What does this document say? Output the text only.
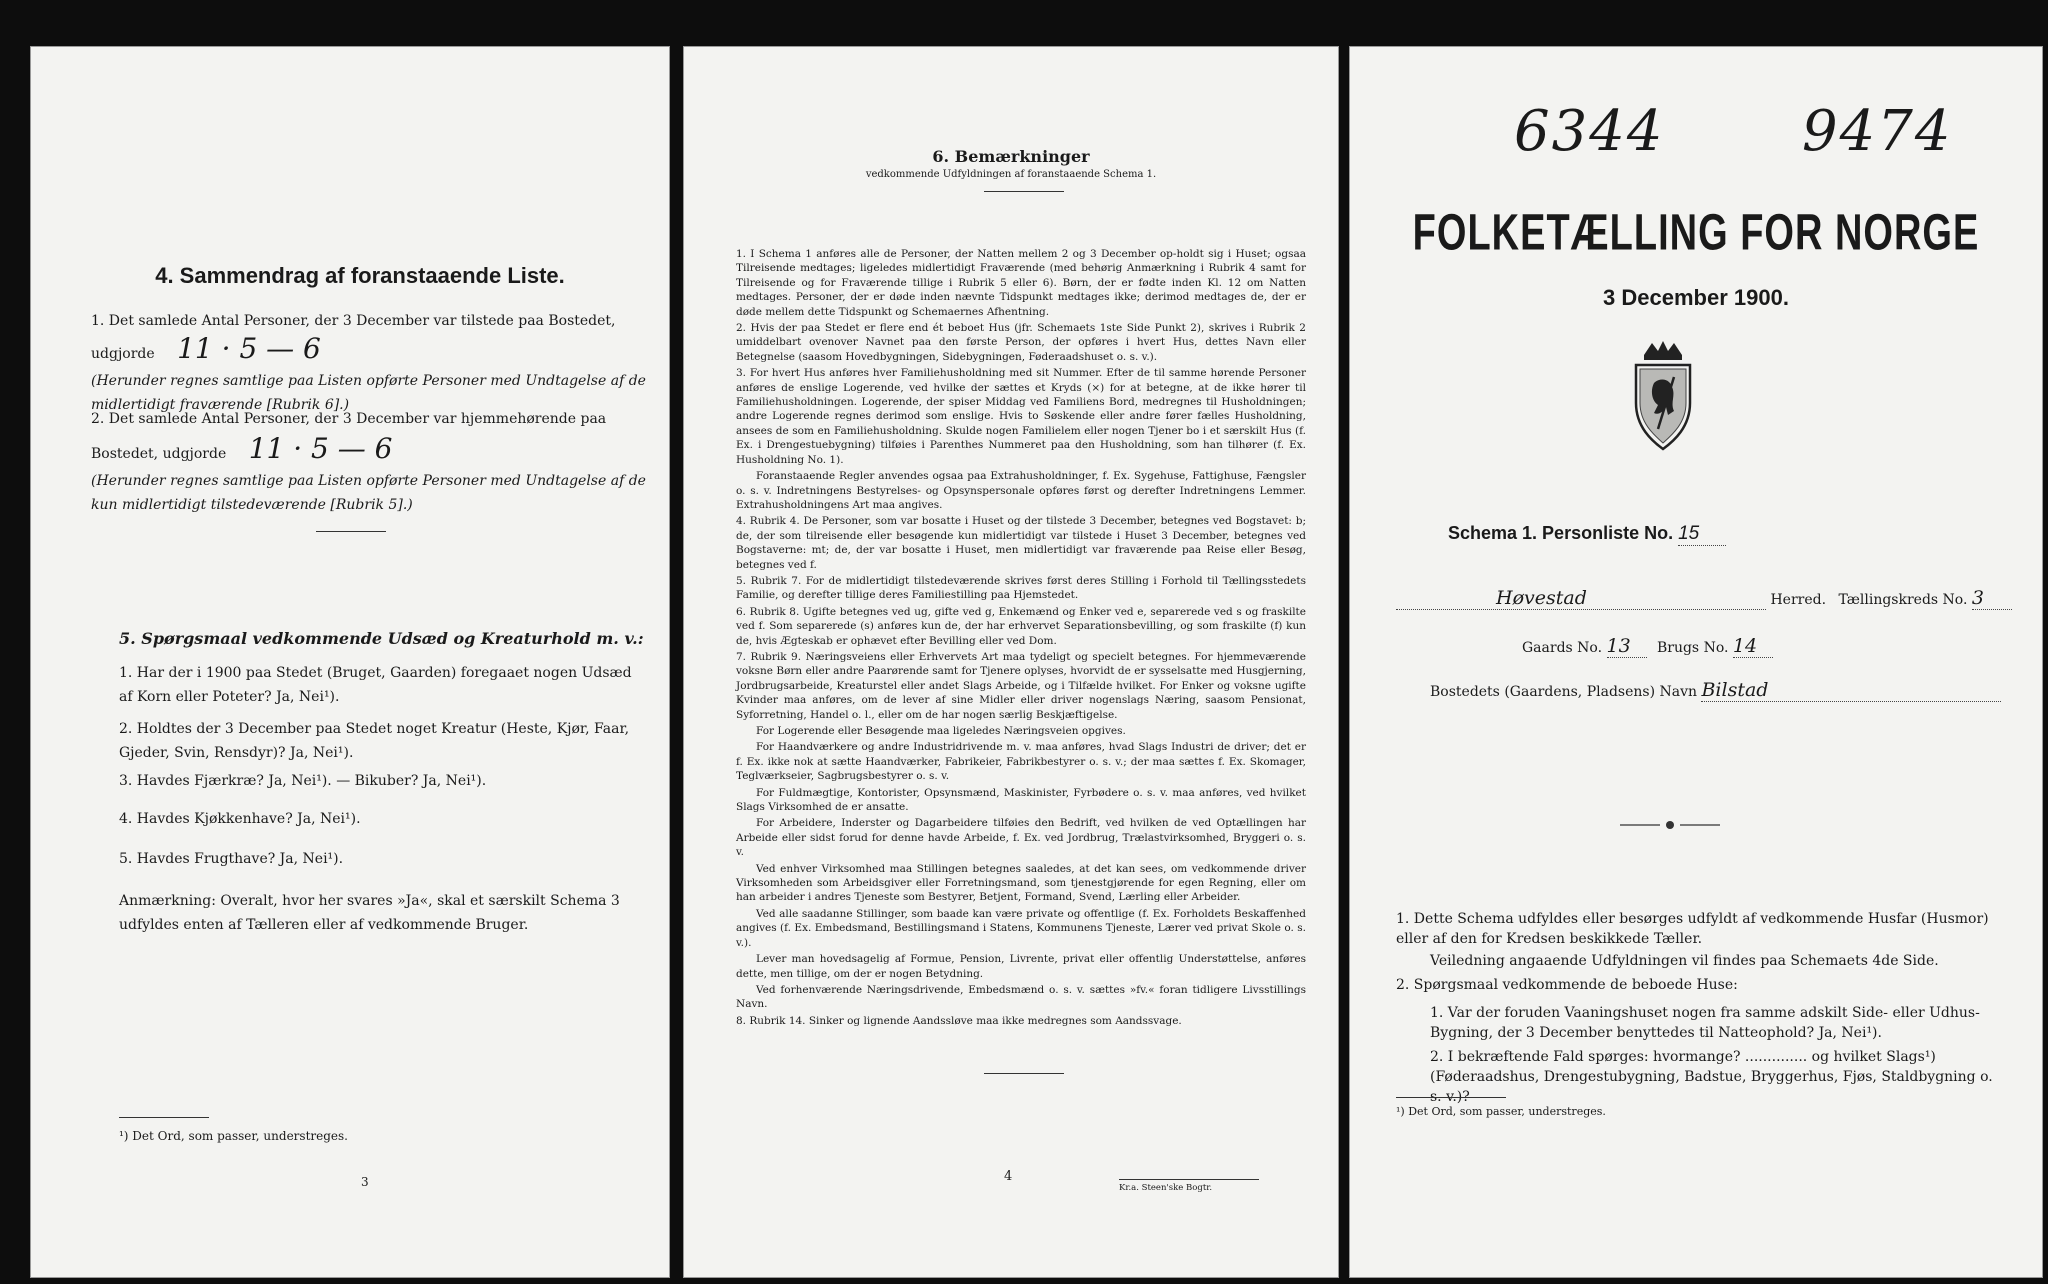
4. Sammendrag af foranstaaende Liste.
1. Det samlede Antal Personer, der 3 December var tilstede paa Bostedet,
udgjorde 11 · 5 — 6
(Herunder regnes samtlige paa Listen opførte Personer med Undtagelse af de midlertidigt fraværende [Rubrik 6].)
2. Det samlede Antal Personer, der 3 December var hjemmehørende paa
Bostedet, udgjorde 11 · 5 — 6
(Herunder regnes samtlige paa Listen opførte Personer med Undtagelse af de kun midlertidigt tilstedeværende [Rubrik 5].)
5. Spørgsmaal vedkommende Udsæd og Kreaturhold m. v.:
1. Har der i 1900 paa Stedet (Bruget, Gaarden) foregaaet nogen Udsæd af Korn eller Poteter? Ja, Nei¹).
2. Holdtes der 3 December paa Stedet noget Kreatur (Heste, Kjør, Faar, Gjeder, Svin, Rensdyr)? Ja, Nei¹).
3. Havdes Fjærkræ? Ja, Nei¹). — Bikuber? Ja, Nei¹).
4. Havdes Kjøkkenhave? Ja, Nei¹).
5. Havdes Frugthave? Ja, Nei¹).
Anmærkning: Overalt, hvor her svares »Ja«, skal et særskilt Schema 3 udfyldes enten af Tælleren eller af vedkommende Bruger.
¹) Det Ord, som passer, understreges.
3
6. Bemærkninger
vedkommende Udfyldningen af foranstaaende Schema 1.

1. I Schema 1 anføres alle de Personer, der Natten mellem 2 og 3 December op-holdt sig i Huset; ogsaa Tilreisende medtages; ligeledes midlertidigt Fraværende (med behørig Anmærkning i Rubrik 4 samt for Tilreisende og for Fraværende tillige i Rubrik 5 eller 6). Børn, der er fødte inden Kl. 12 om Natten medtages. Personer, der er døde inden nævnte Tidspunkt medtages ikke; derimod medtages de, der er døde mellem dette Tidspunkt og Schemaernes Afhentning.

2. Hvis der paa Stedet er flere end ét beboet Hus (jfr. Schemaets 1ste Side Punkt 2), skrives i Rubrik 2 umiddelbart ovenover Navnet paa den første Person, der opføres i hvert Hus, dettes Navn eller Betegnelse (saasom Hovedbygningen, Sidebygningen, Føderaadshuset o. s. v.).

3. For hvert Hus anføres hver Familiehusholdning med sit Nummer. Efter de til samme hørende Personer anføres de enslige Logerende, ved hvilke der sættes et Kryds (×) for at betegne, at de ikke hører til Familiehusholdningen. Logerende, der spiser Middag ved Familiens Bord, medregnes til Husholdningen; andre Logerende regnes derimod som enslige. Hvis to Søskende eller andre fører fælles Husholdning, ansees de som en Familiehusholdning. Skulde nogen Familielem eller nogen Tjener bo i et særskilt Hus (f. Ex. i Drengestuebygning) tilføies i Parenthes Nummeret paa den Husholdning, som han tilhører (f. Ex. Husholdning No. 1).

Foranstaaende Regler anvendes ogsaa paa Extrahusholdninger, f. Ex. Sygehuse, Fattighuse, Fængsler o. s. v. Indretningens Bestyrelses- og Opsynspersonale opføres først og derefter Indretningens Lemmer. Extrahusholdningens Art maa angives.

4. Rubrik 4. De Personer, som var bosatte i Huset og der tilstede 3 December, betegnes ved Bogstavet: b; de, der som tilreisende eller besøgende kun midlertidigt var tilstede i Huset 3 December, betegnes ved Bogstaverne: mt; de, der var bosatte i Huset, men midlertidigt var fraværende paa Reise eller Besøg, betegnes ved f.

5. Rubrik 7. For de midlertidigt tilstedeværende skrives først deres Stilling i Forhold til Tællingsstedets Familie, og derefter tillige deres Familiestilling paa Hjemstedet.

6. Rubrik 8. Ugifte betegnes ved ug, gifte ved g, Enkemænd og Enker ved e, separerede ved s og fraskilte ved f. Som separerede (s) anføres kun de, der har erhvervet Separationsbevilling, og som fraskilte (f) kun de, hvis Ægteskab er ophævet efter Bevilling eller ved Dom.

7. Rubrik 9. Næringsveiens eller Erhvervets Art maa tydeligt og specielt betegnes. For hjemmeværende voksne Børn eller andre Paarørende samt for Tjenere oplyses, hvorvidt de er sysselsatte med Husgjerning, Jordbrugsarbeide, Kreaturstel eller andet Slags Arbeide, og i Tilfælde hvilket. For Enker og voksne ugifte Kvinder maa anføres, om de lever af sine Midler eller driver nogenslags Næring, saasom Pensionat, Syforretning, Handel o. l., eller om de har nogen særlig Beskjæftigelse.

For Logerende eller Besøgende maa ligeledes Næringsveien opgives.

For Haandværkere og andre Industridrivende m. v. maa anføres, hvad Slags Industri de driver; det er f. Ex. ikke nok at sætte Haandværker, Fabrikeier, Fabrikbestyrer o. s. v.; der maa sættes f. Ex. Skomager, Teglværkseier, Sagbrugsbestyrer o. s. v.

For Fuldmægtige, Kontorister, Opsynsmænd, Maskinister, Fyrbødere o. s. v. maa anføres, ved hvilket Slags Virksomhed de er ansatte.

For Arbeidere, Inderster og Dagarbeidere tilføies den Bedrift, ved hvilken de ved Optællingen har Arbeide eller sidst forud for denne havde Arbeide, f. Ex. ved Jordbrug, Trælastvirksomhed, Bryggeri o. s. v.

Ved enhver Virksomhed maa Stillingen betegnes saaledes, at det kan sees, om vedkommende driver Virksomheden som Arbeidsgiver eller Forretningsmand, som tjenestgjørende for egen Regning, eller om han arbeider i andres Tjeneste som Bestyrer, Betjent, Formand, Svend, Lærling eller Arbeider.

Ved alle saadanne Stillinger, som baade kan være private og offentlige (f. Ex. Forholdets Beskaffenhed angives (f. Ex. Embedsmand, Bestillingsmand i Statens, Kommunens Tjeneste, Lærer ved privat Skole o. s. v.).

Lever man hovedsagelig af Formue, Pension, Livrente, privat eller offentlig Understøttelse, anføres dette, men tillige, om der er nogen Betydning.

Ved forhenværende Næringsdrivende, Embedsmænd o. s. v. sættes »fv.« foran tidligere Livsstillings Navn.

8. Rubrik 14. Sinker og lignende Aandssløve maa ikke medregnes som Aandssvage.

4
Kr.a. Steen'ske Bogtr.
6344 9474
FOLKETÆLLING FOR NORGE
3 December 1900.
Schema 1. Personliste No. 15
Høvestad	Herred. Tællingskreds No. 3
Gaards No. 13 Brugs No. 14
Bostedets (Gaardens, Pladsens) Navn Bilstad
1. Dette Schema udfyldes eller besørges udfyldt af vedkommende Husfar (Husmor) eller af den for Kredsen beskikkede Tæller.
Veiledning angaaende Udfyldningen vil findes paa Schemaets 4de Side.
2. Spørgsmaal vedkommende de beboede Huse:
1. Var der foruden Vaaningshuset nogen fra samme adskilt Side- eller Udhus-Bygning, der 3 December benyttedes til Natteophold? Ja, Nei¹).
2. I bekræftende Fald spørges: hvormange? .............. og hvilket Slags¹) (Føderaadshus, Drengestubygning, Badstue, Bryggerhus, Fjøs, Staldbygning o. s. v.)?
¹) Det Ord, som passer, understreges.
